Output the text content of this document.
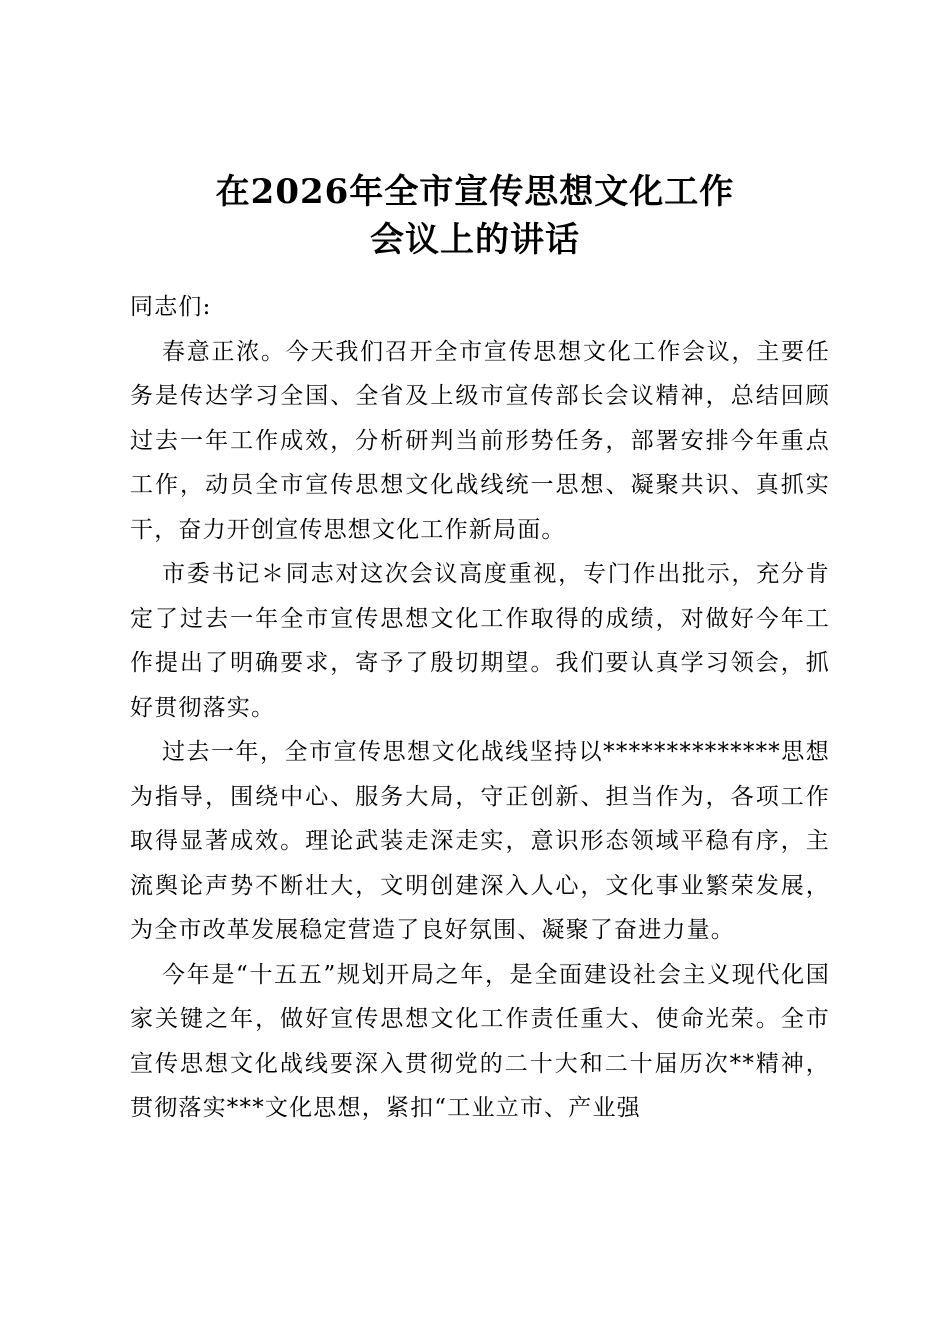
在2026年全市宣传思想文化工作
会议上的讲话

同志们:

春意正浓。今天我们召开全市宣传思想文化工作会议，主要任务是传达学习全国、全省及上级市宣传部长会议精神，总结回顾过去一年工作成效，分析研判当前形势任务，部署安排今年重点工作，动员全市宣传思想文化战线统一思想、凝聚共识、真抓实干，奋力开创宣传思想文化工作新局面。

市委书记＊同志对这次会议高度重视，专门作出批示，充分肯定了过去一年全市宣传思想文化工作取得的成绩，对做好今年工作提出了明确要求，寄予了殷切期望。我们要认真学习领会，抓好贯彻落实。

过去一年，全市宣传思想文化战线坚持以**************思想为指导，围绕中心、服务大局，守正创新、担当作为，各项工作取得显著成效。理论武装走深走实，意识形态领域平稳有序，主流舆论声势不断壮大，文明创建深入人心，文化事业繁荣发展，为全市改革发展稳定营造了良好氛围、凝聚了奋进力量。

今年是“十五五”规划开局之年，是全面建设社会主义现代化国家关键之年，做好宣传思想文化工作责任重大、使命光荣。全市宣传思想文化战线要深入贯彻党的二十大和二十届历次**精神，贯彻落实***文化思想，紧扣“工业立市、产业强
